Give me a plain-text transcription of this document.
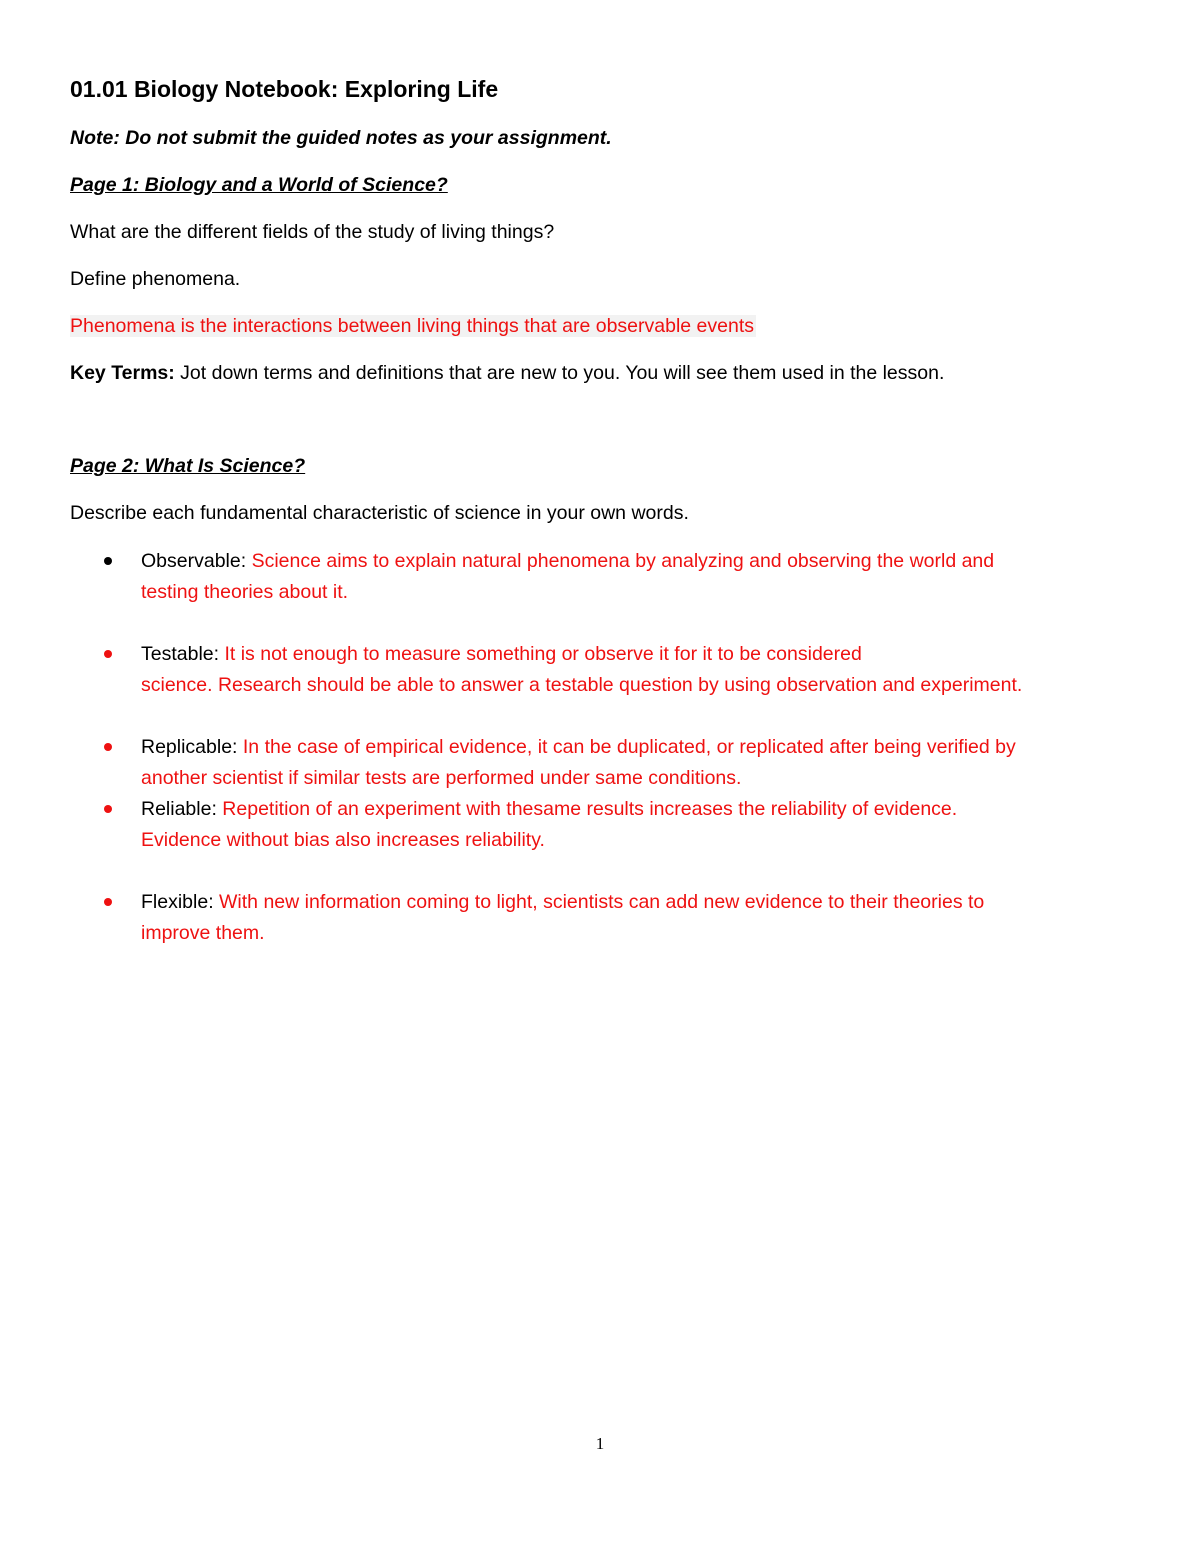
01.01 Biology Notebook: Exploring Life

Note: Do not submit the guided notes as your assignment.

Page 1: Biology and a World of Science?

What are the different fields of the study of living things?

Define phenomena.

Phenomena is the interactions between living things that are observable events

Key Terms: Jot down terms and definitions that are new to you. You will see them used in the lesson.

Page 2: What Is Science?

Describe each fundamental characteristic of science in your own words.

Observable: Science aims to explain natural phenomena by analyzing and observing the world and
testing theories about it.
Testable: It is not enough to measure something or observe it for it to be considered
science. Research should be able to answer a testable question by using observation and experiment.
Replicable: In the case of empirical evidence, it can be duplicated, or replicated after being verified by
another scientist if similar tests are performed under same conditions.
Reliable: Repetition of an experiment with thesame results increases the reliability of evidence.
Evidence without bias also increases reliability.
Flexible: With new information coming to light, scientists can add new evidence to their theories to
improve them.
1
